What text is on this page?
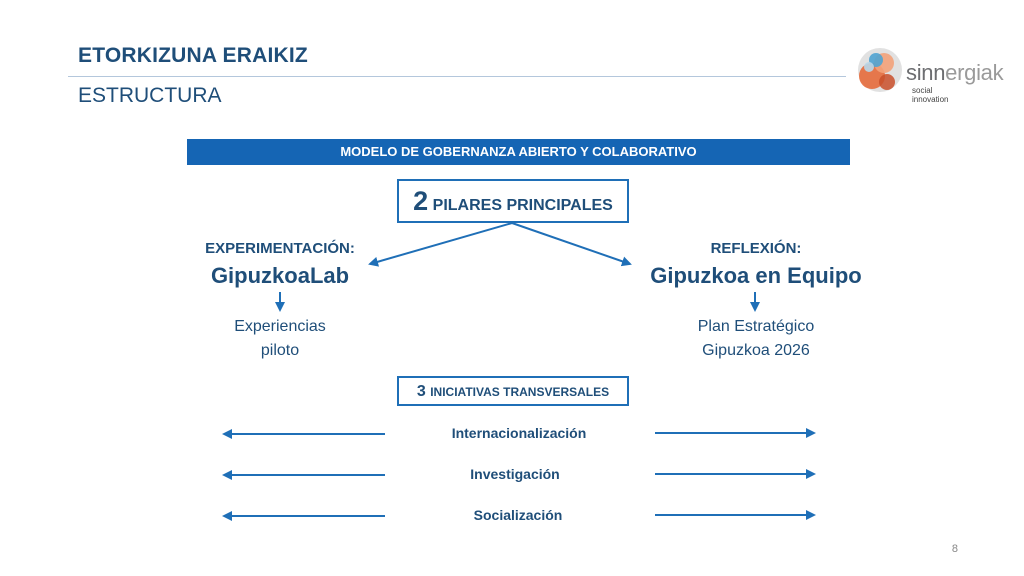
ETORKIZUNA ERAIKIZ
ESTRUCTURA
sinnergiak
social
innovation
MODELO DE GOBERNANZA ABIERTO Y COLABORATIVO
2 PILARES PRINCIPALES
EXPERIMENTACIÓN:
GipuzkoaLab
Experiencias
piloto
REFLEXIÓN:
Gipuzkoa en Equipo
Plan Estratégico
Gipuzkoa 2026
3 INICIATIVAS TRANSVERSALES
Internacionalización
Investigación
Socialización
8
